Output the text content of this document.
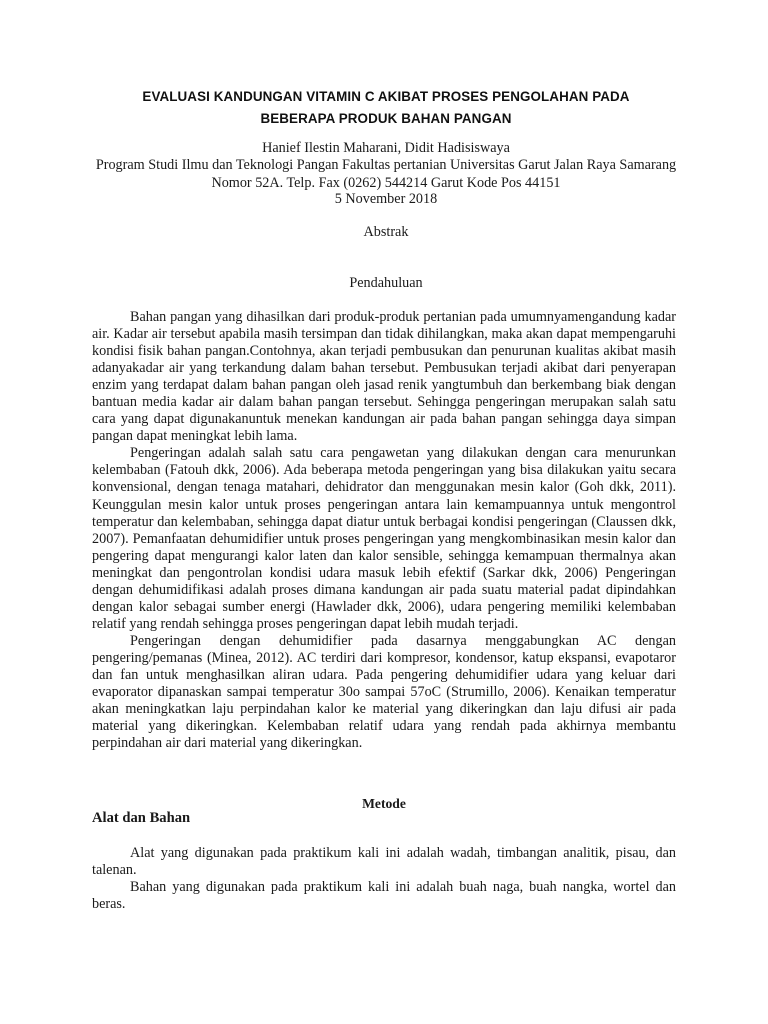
EVALUASI KANDUNGAN VITAMIN C AKIBAT PROSES PENGOLAHAN PADA
BEBERAPA PRODUK BAHAN PANGAN
Hanief Ilestin Maharani, Didit Hadisiswaya
Program Studi Ilmu dan Teknologi Pangan Fakultas pertanian Universitas Garut Jalan Raya Samarang Nomor 52A. Telp. Fax (0262) 544214 Garut Kode Pos 44151
5 November 2018
Abstrak
Pendahuluan

Bahan pangan yang dihasilkan dari produk-produk pertanian pada umumnyamengandung kadar air. Kadar air tersebut apabila masih tersimpan dan tidak dihilangkan, maka akan dapat mempengaruhi kondisi fisik bahan pangan.Contohnya, akan terjadi pembusukan dan penurunan kualitas akibat masih adanyakadar air yang terkandung dalam bahan tersebut. Pembusukan terjadi akibat dari penyerapan enzim yang terdapat dalam bahan pangan oleh jasad renik yangtumbuh dan berkembang biak dengan bantuan media kadar air dalam bahan pangan tersebut. Sehingga pengeringan merupakan salah satu cara yang dapat digunakanuntuk menekan kandungan air pada bahan pangan sehingga daya simpan pangan dapat meningkat lebih lama.

Pengeringan adalah salah satu cara pengawetan yang dilakukan dengan cara menurunkan kelembaban (Fatouh dkk, 2006). Ada beberapa metoda pengeringan yang bisa dilakukan yaitu secara konvensional, dengan tenaga matahari, dehidrator dan menggunakan mesin kalor (Goh dkk, 2011). Keunggulan mesin kalor untuk proses pengeringan antara lain kemampuannya untuk mengontrol temperatur dan kelembaban, sehingga dapat diatur untuk berbagai kondisi pengeringan (Claussen dkk, 2007). Pemanfaatan dehumidifier untuk proses pengeringan yang mengkombinasikan mesin kalor dan pengering dapat mengurangi kalor laten dan kalor sensible, sehingga kemampuan thermalnya akan meningkat dan pengontrolan kondisi udara masuk lebih efektif (Sarkar dkk, 2006) Pengeringan dengan dehumidifikasi adalah proses dimana kandungan air pada suatu material padat dipindahkan dengan kalor sebagai sumber energi (Hawlader dkk, 2006), udara pengering memiliki kelembaban relatif yang rendah sehingga proses pengeringan dapat lebih mudah terjadi.

Pengeringan dengan dehumidifier pada dasarnya menggabungkan AC dengan pengering/pemanas (Minea, 2012). AC terdiri dari kompresor, kondensor, katup ekspansi, evapotaror dan fan untuk menghasilkan aliran udara. Pada pengering dehumidifier udara yang keluar dari evaporator dipanaskan sampai temperatur 30o sampai 57oC (Strumillo, 2006). Kenaikan temperatur akan meningkatkan laju perpindahan kalor ke material yang dikeringkan dan laju difusi air pada material yang dikeringkan. Kelembaban relatif udara yang rendah pada akhirnya membantu perpindahan air dari material yang dikeringkan.

Metode
Alat dan Bahan

Alat yang digunakan pada praktikum kali ini adalah wadah, timbangan analitik, pisau, dan talenan.

Bahan yang digunakan pada praktikum kali ini adalah buah naga, buah nangka, wortel dan beras.
